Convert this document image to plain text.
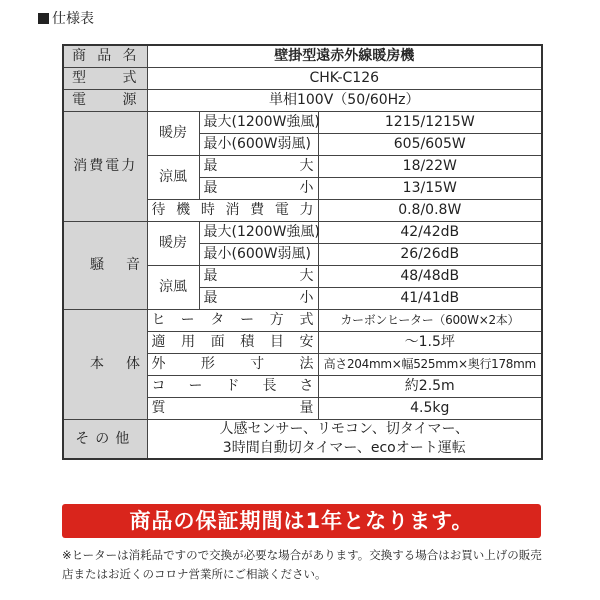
仕様表
商品名	壁掛型遠赤外線暖房機		
型式	CHK-C126		
電源	単相100V（50/60Hz）		
消費電力	暖房	最大(1200W強風)	1215/1215W
		最小(600W弱風)	605/605W
	涼風	最大	18/22W
		最小	13/15W
	待機時消費電力		0.8/0.8W
騒音	暖房	最大(1200W強風)	42/42dB
		最小(600W弱風)	26/26dB
	涼風	最大	48/48dB
		最小	41/41dB
本体	ヒーター方式		カーボンヒーター（600W×2本）
	適用面積目安		～1.5坪
	外形寸法		高さ204mm×幅525mm×奥行178mm
	コード長さ		約2.5m
	質量		4.5kg
その他	人感センサー、リモコン、切タイマー、
3時間自動切タイマー、ecoオート運転		
商品の保証期間は1年となります。
※ヒーターは消耗品ですので交換が必要な場合があります。交換する場合はお買い上げの販売店またはお近くのコロナ営業所にご相談ください。
